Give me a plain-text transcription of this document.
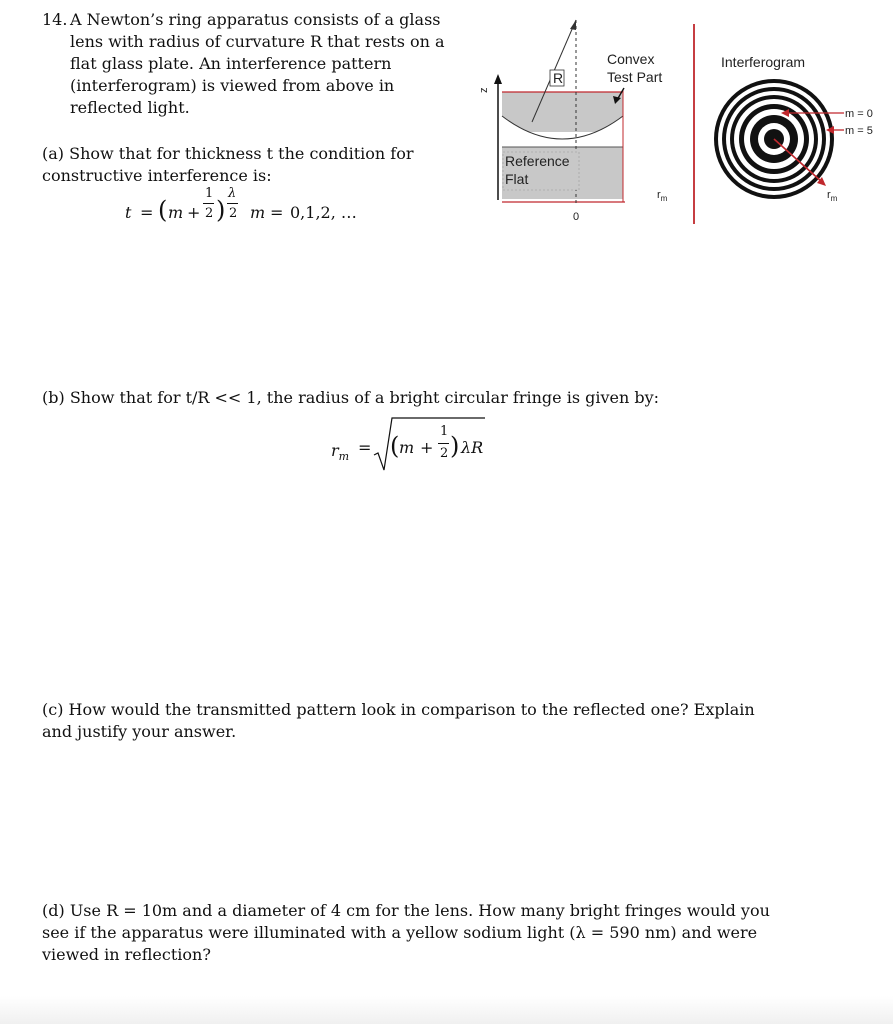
14. A Newton’s ring apparatus consists of a glass
lens with radius of curvature R that rests on a
flat glass plate. An interference pattern
(interferogram) is viewed from above in
reflected light.
(a) Show that for thickness t the condition for
constructive interference is:
t = ( m +
1
2 )
λ
2 m = 0,1,2, …
z
R
Convex
Test Part
Reference
Flat
0
$r_m$
Interferogram
$r_m$
m = 0
m = 5
(b) Show that for t/R << 1, the radius of a bright circular fringe is given by:
$r_m$ = ( m +
1
2 ) λR
(c) How would the transmitted pattern look in comparison to the reflected one? Explain
and justify your answer.
(d) Use R = 10m and a diameter of 4 cm for the lens. How many bright fringes would you
see if the apparatus were illuminated with a yellow sodium light (λ = 590 nm) and were
viewed in reflection?
